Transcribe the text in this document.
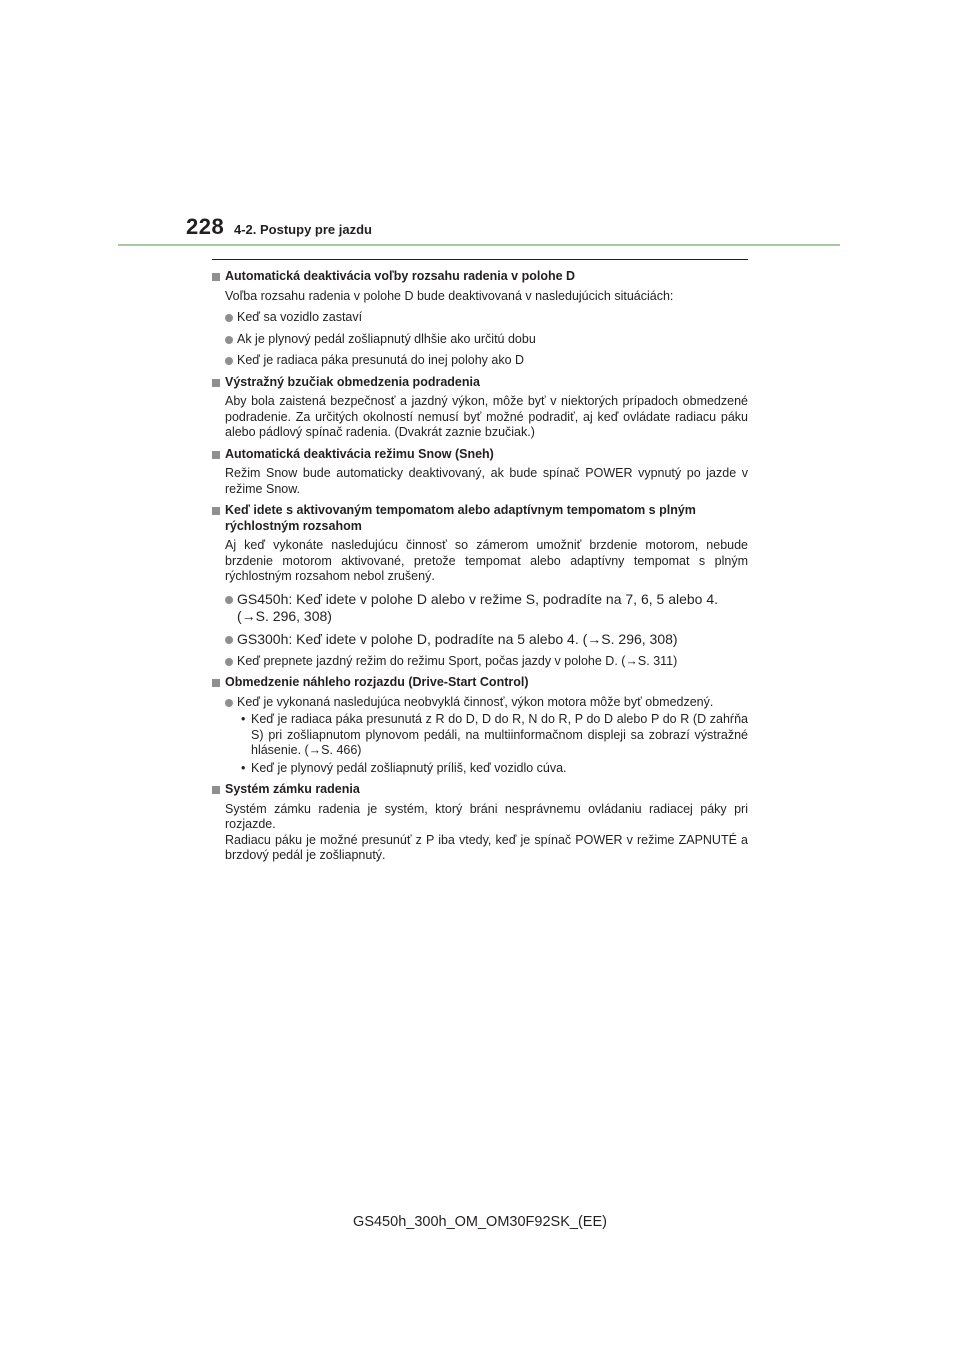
228 4-2. Postupy pre jazdu
Automatická deaktivácia voľby rozsahu radenia v polohe D
Voľba rozsahu radenia v polohe D bude deaktivovaná v nasledujúcich situáciách:
Keď sa vozidlo zastaví
Ak je plynový pedál zošliapnutý dlhšie ako určitú dobu
Keď je radiaca páka presunutá do inej polohy ako D
Výstražný bzučiak obmedzenia podradenia
Aby bola zaistená bezpečnosť a jazdný výkon, môže byť v niektorých prípadoch obmedzené podradenie. Za určitých okolností nemusí byť možné podradiť, aj keď ovládate radiacu páku alebo pádlový spínač radenia. (Dvakrát zaznie bzučiak.)
Automatická deaktivácia režimu Snow (Sneh)
Režim Snow bude automaticky deaktivovaný, ak bude spínač POWER vypnutý po jazde v režime Snow.
Keď idete s aktivovaným tempomatom alebo adaptívnym tempomatom s plným rýchlostným rozsahom
Aj keď vykonáte nasledujúcu činnosť so zámerom umožniť brzdenie motorom, nebude brzdenie motorom aktivované, pretože tempomat alebo adaptívny tempomat s plným rýchlostným rozsahom nebol zrušený.
GS450h: Keď idete v polohe D alebo v režime S, podradíte na 7, 6, 5 alebo 4. (→S. 296, 308)
GS300h: Keď idete v polohe D, podradíte na 5 alebo 4. (→S. 296, 308)
Keď prepnete jazdný režim do režimu Sport, počas jazdy v polohe D. (→S. 311)
Obmedzenie náhleho rozjazdu (Drive-Start Control)
Keď je vykonaná nasledujúca neobvyklá činnosť, výkon motora môže byť obmedzený.
• Keď je radiaca páka presunutá z R do D, D do R, N do R, P do D alebo P do R (D zahŕňa S) pri zošliapnutom plynovom pedáli, na multiinformačnom displeji sa zobrazí výstražné hlásenie. (→S. 466)
• Keď je plynový pedál zošliapnutý príliš, keď vozidlo cúva.
Systém zámku radenia
Systém zámku radenia je systém, ktorý bráni nesprávnemu ovládaniu radiacej páky pri rozjazde.
Radiacu páku je možné presunúť z P iba vtedy, keď je spínač POWER v režime ZAPNUTÉ a brzdový pedál je zošliapnutý.
GS450h_300h_OM_OM30F92SK_(EE)
